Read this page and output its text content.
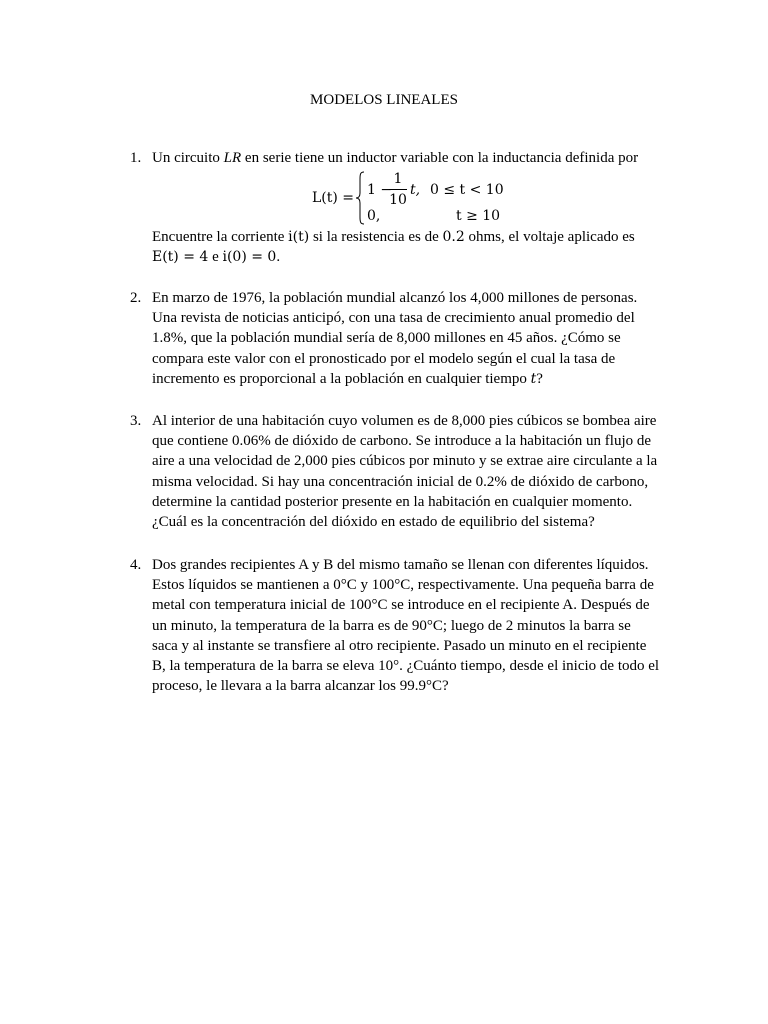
MODELOS LINEALES
1. Un circuito LR en serie tiene un inductor variable con la inductancia definida por
Encuentre la corriente i(t) si la resistencia es de 0.2 ohms, el voltaje aplicado es
E(t) = 4 e i(0) = 0.
L(t) = 1 −
1
10
t, 0 ≤ t < 10
0,	t ≥ 10
2. En marzo de 1976, la población mundial alcanzó los 4,000 millones de personas.
Una revista de noticias anticipó, con una tasa de crecimiento anual promedio del
1.8%, que la población mundial sería de 8,000 millones en 45 años. ¿Cómo se
compara este valor con el pronosticado por el modelo según el cual la tasa de
incremento es proporcional a la población en cualquier tiempo t?
3. Al interior de una habitación cuyo volumen es de 8,000 pies cúbicos se bombea aire
que contiene 0.06% de dióxido de carbono. Se introduce a la habitación un flujo de
aire a una velocidad de 2,000 pies cúbicos por minuto y se extrae aire circulante a la
misma velocidad. Si hay una concentración inicial de 0.2% de dióxido de carbono,
determine la cantidad posterior presente en la habitación en cualquier momento.
¿Cuál es la concentración del dióxido en estado de equilibrio del sistema?
4. Dos grandes recipientes A y B del mismo tamaño se llenan con diferentes líquidos.
Estos líquidos se mantienen a 0°C y 100°C, respectivamente. Una pequeña barra de
metal con temperatura inicial de 100°C se introduce en el recipiente A. Después de
un minuto, la temperatura de la barra es de 90°C; luego de 2 minutos la barra se
saca y al instante se transfiere al otro recipiente. Pasado un minuto en el recipiente
B, la temperatura de la barra se eleva 10°. ¿Cuánto tiempo, desde el inicio de todo el
proceso, le llevara a la barra alcanzar los 99.9°C?
